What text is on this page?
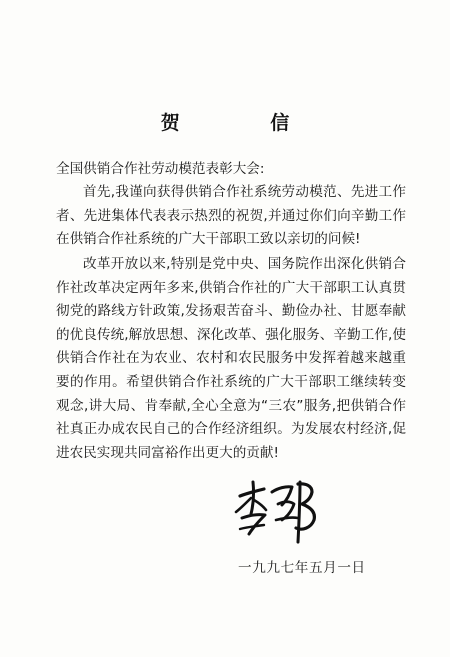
贺 信
全国供销合作社劳动模范表彰大会:
首先,我谨向获得供销合作社系统劳动模范、先进工作者、先进集体代表表示热烈的祝贺,并通过你们向辛勤工作在供销合作社系统的广大干部职工致以亲切的问候!
改革开放以来,特别是党中央、国务院作出深化供销合作社改革决定两年多来,供销合作社的广大干部职工认真贯彻党的路线方针政策,发扬艰苦奋斗、勤俭办社、甘愿奉献的优良传统,解放思想、深化改革、强化服务、辛勤工作,使供销合作社在为农业、农村和农民服务中发挥着越来越重要的作用。希望供销合作社系统的广大干部职工继续转变观念,讲大局、肯奉献,全心全意为“三农”服务,把供销合作社真正办成农民自己的合作经济组织。为发展农村经济,促进农民实现共同富裕作出更大的贡献!
一九九七年五月一日
